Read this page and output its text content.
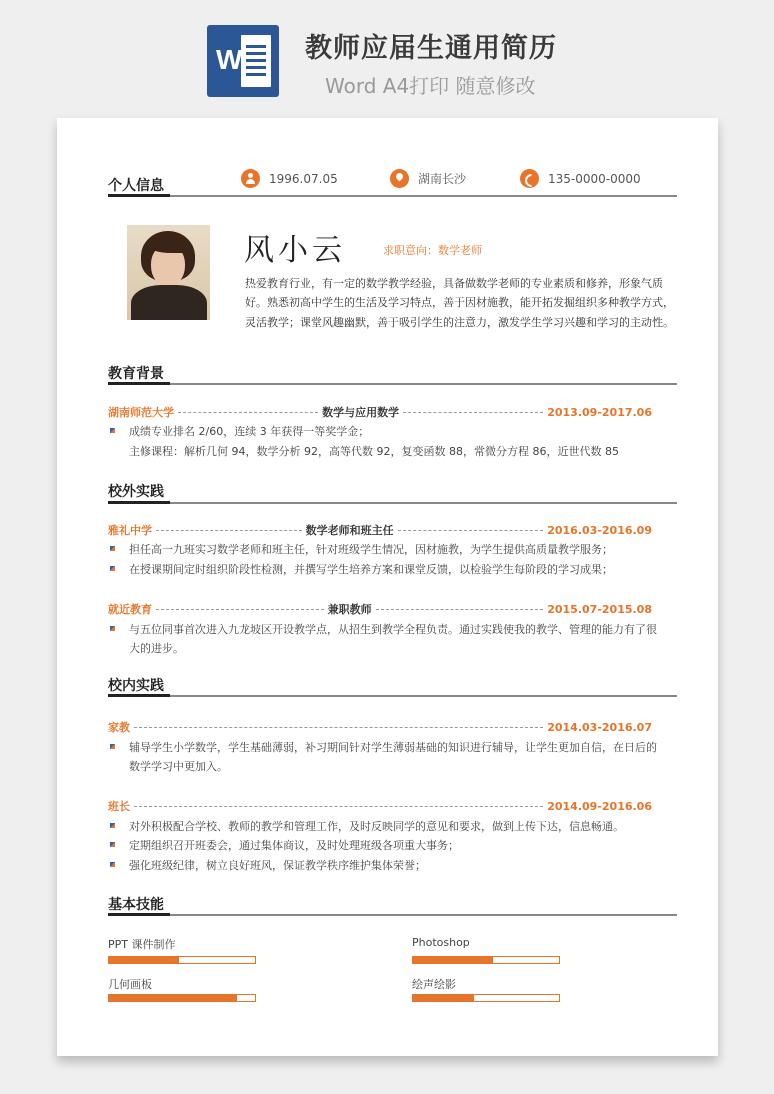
W 教师应届生通用简历
Word A4打印 随意修改
个人信息	1996.07.05	湖南长沙	135-0000-0000
风小云	求职意向：数学老师
热爱教育行业，有一定的数学教学经验，具备做数学老师的专业素质和修养，形象气质好。熟悉初高中学生的生活及学习特点，善于因材施教，能开拓发掘组织多种教学方式，灵活教学；课堂风趣幽默，善于吸引学生的注意力，激发学生学习兴趣和学习的主动性。
教育背景
湖南师范大学	数学与应用数学	2013.09-2017.06
成绩专业排名 2/60，连续 3 年获得一等奖学金；
主修课程：解析几何 94，数学分析 92，高等代数 92，复变函数 88，常微分方程 86，近世代数 85
校外实践
雅礼中学	数学老师和班主任	2016.03-2016.09
担任高一九班实习数学老师和班主任，针对班级学生情况，因材施教，为学生提供高质量教学服务；
在授课期间定时组织阶段性检测，并撰写学生培养方案和课堂反馈，以检验学生每阶段的学习成果；
就近教育	兼职教师	2015.07-2015.08
与五位同事首次进入九龙坡区开设教学点，从招生到教学全程负责。通过实践使我的教学、管理的能力有了很大的进步。
校内实践
家教	2014.03-2016.07
辅导学生小学数学，学生基础薄弱，补习期间针对学生薄弱基础的知识进行辅导，让学生更加自信，在日后的数学学习中更加入。
班长	2014.09-2016.06
对外积极配合学校、教师的教学和管理工作，及时反映同学的意见和要求，做到上传下达，信息畅通。
定期组织召开班委会，通过集体商议，及时处理班级各项重大事务；
强化班级纪律，树立良好班风，保证教学秩序维护集体荣誉；
基本技能
PPT 课件制作	Photoshop
几何画板	绘声绘影
